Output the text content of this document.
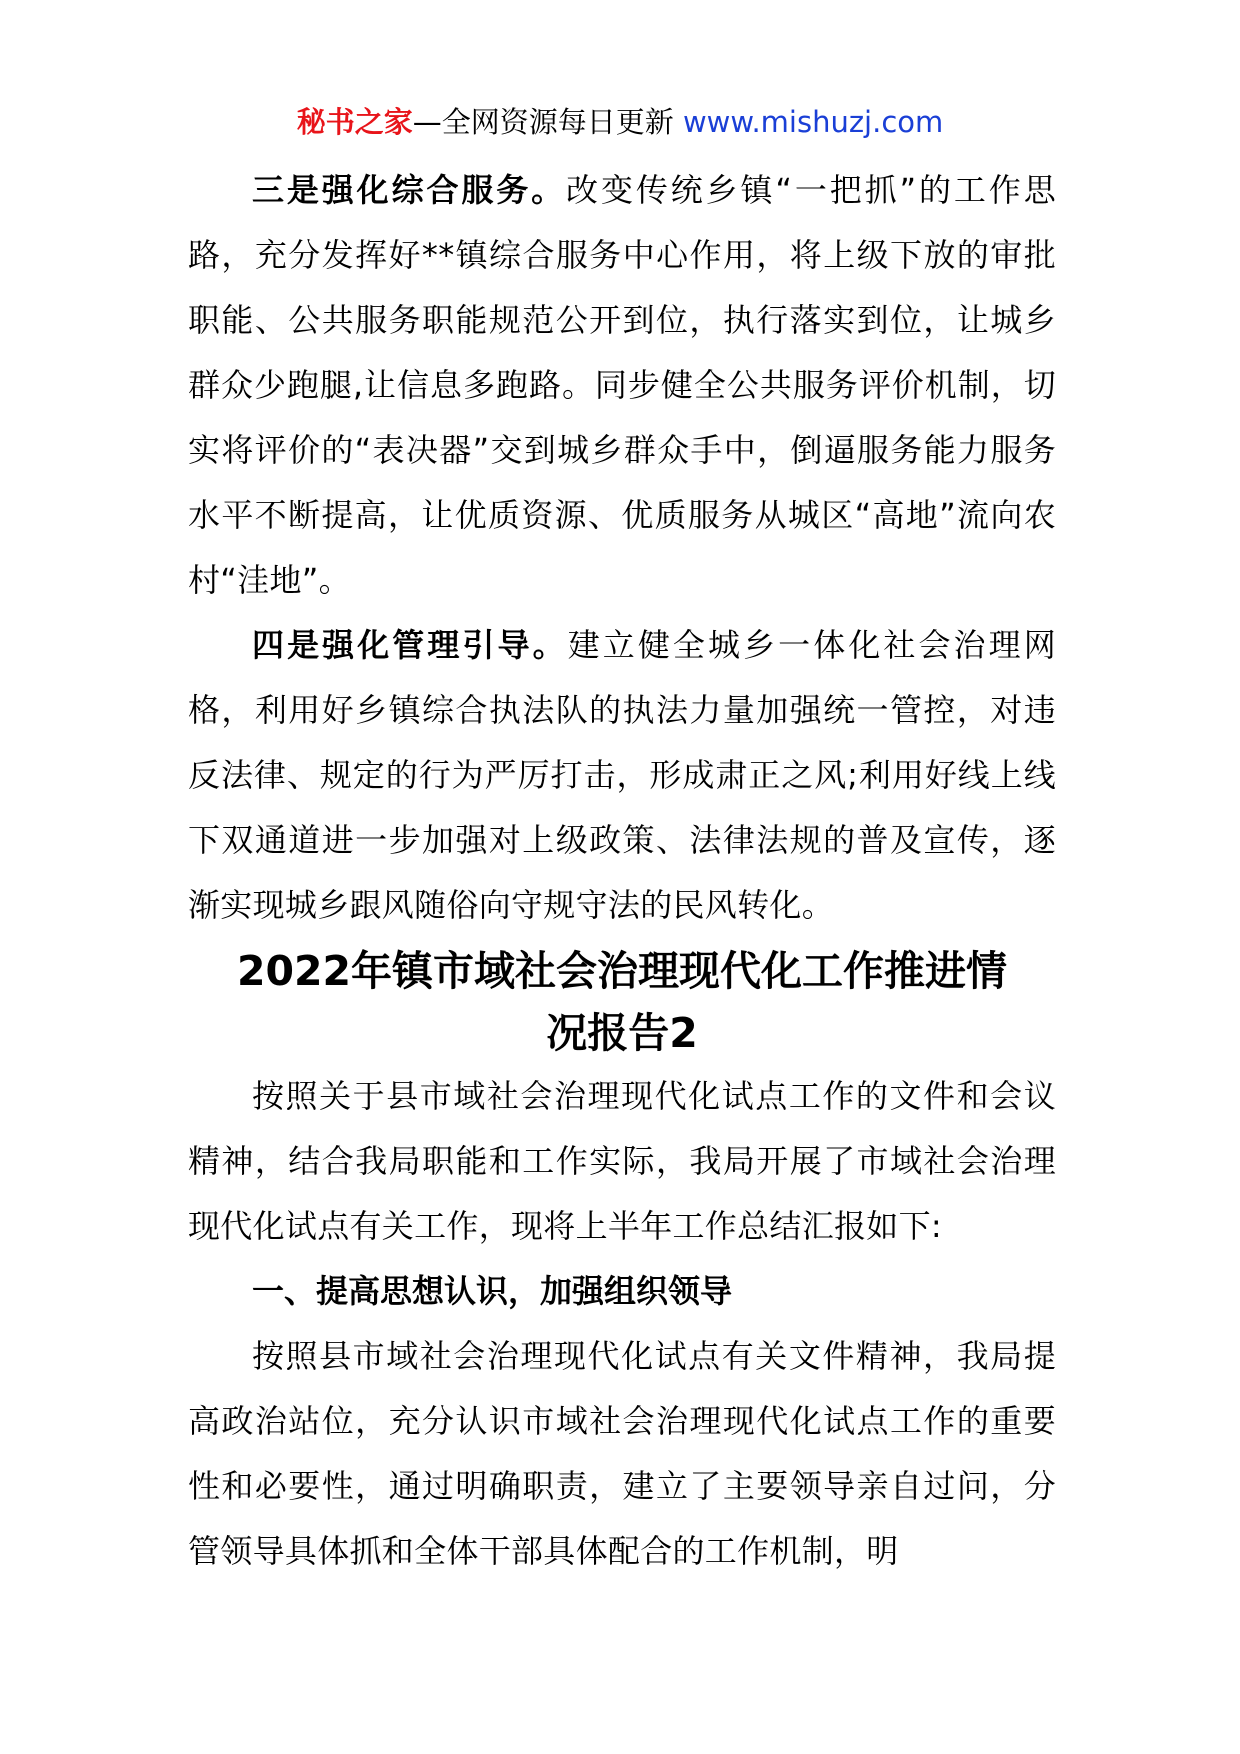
秘书之家—全网资源每日更新 www.mishuzj.com

三是强化综合服务。改变传统乡镇“一把抓”的工作思路，充分发挥好**镇综合服务中心作用，将上级下放的审批职能、公共服务职能规范公开到位，执行落实到位，让城乡群众少跑腿,让信息多跑路。同步健全公共服务评价机制，切实将评价的“表决器”交到城乡群众手中，倒逼服务能力服务水平不断提高，让优质资源、优质服务从城区“高地”流向农村“洼地”。

四是强化管理引导。建立健全城乡一体化社会治理网格，利用好乡镇综合执法队的执法力量加强统一管控，对违反法律、规定的行为严厉打击，形成肃正之风;利用好线上线下双通道进一步加强对上级政策、法律法规的普及宣传，逐渐实现城乡跟风随俗向守规守法的民风转化。

2022年镇市域社会治理现代化工作推进情
况报告2

按照关于县市域社会治理现代化试点工作的文件和会议精神，结合我局职能和工作实际，我局开展了市域社会治理现代化试点有关工作，现将上半年工作总结汇报如下:

一、提高思想认识，加强组织领导

按照县市域社会治理现代化试点有关文件精神，我局提高政治站位，充分认识市域社会治理现代化试点工作的重要性和必要性，通过明确职责，建立了主要领导亲自过问，分管领导具体抓和全体干部具体配合的工作机制，明
